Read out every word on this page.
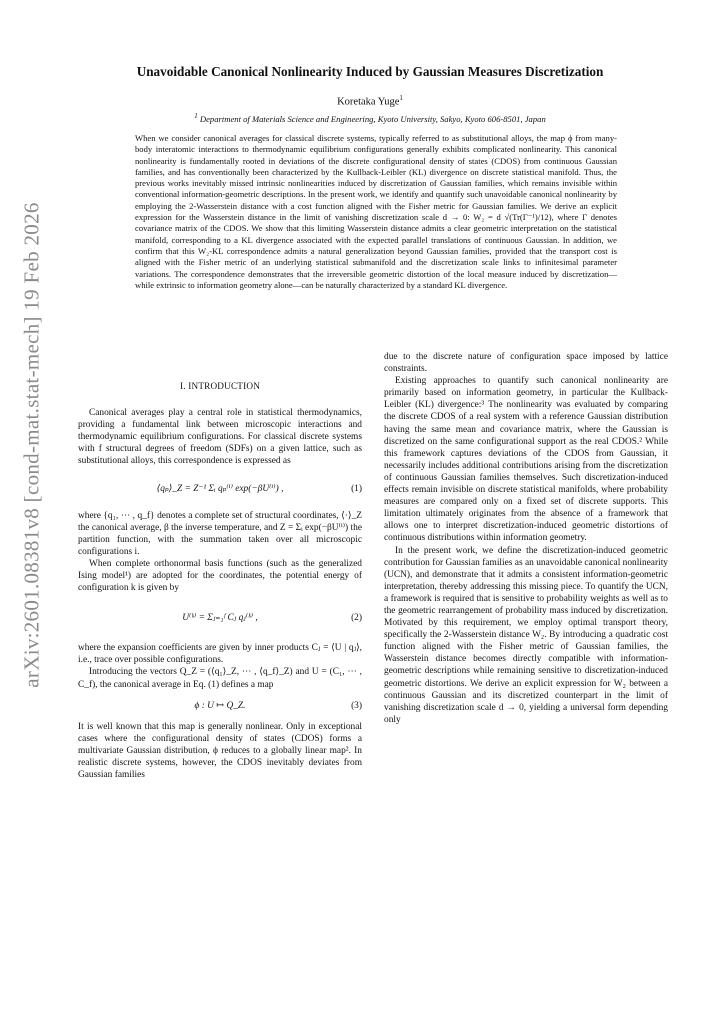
arXiv:2601.08381v8 [cond-mat.stat-mech] 19 Feb 2026
Unavoidable Canonical Nonlinearity Induced by Gaussian Measures Discretization
Koretaka Yuge$^1$
$^1$ Department of Materials Science and Engineering, Kyoto University, Sakyo, Kyoto 606-8501, Japan
When we consider canonical averages for classical discrete systems, typically referred to as substitutional alloys, the map ϕ from many-body interatomic interactions to thermodynamic equilibrium configurations generally exhibits complicated nonlinearity. This canonical nonlinearity is fundamentally rooted in deviations of the discrete configurational density of states (CDOS) from continuous Gaussian families, and has conventionally been characterized by the Kullback-Leibler (KL) divergence on discrete statistical manifold. Thus, the previous works inevitably missed intrinsic nonlinearities induced by discretization of Gaussian families, which remains invisible within conventional information-geometric descriptions. In the present work, we identify and quantify such unavoidable canonical nonlinearity by employing the 2-Wasserstein distance with a cost function aligned with the Fisher metric for Gaussian families. We derive an explicit expression for the Wasserstein distance in the limit of vanishing discretization scale d → 0: W₂ = d √(Tr(Γ⁻¹)/12), where Γ denotes covariance matrix of the CDOS. We show that this limiting Wasserstein distance admits a clear geometric interpretation on the statistical manifold, corresponding to a KL divergence associated with the expected parallel translations of continuous Gaussian. In addition, we confirm that this W₂-KL correspondence admits a natural generalization beyond Gaussian families, provided that the transport cost is aligned with the Fisher metric of an underlying statistical submanifold and the discretization scale links to infinitesimal parameter variations. The correspondence demonstrates that the irreversible geometric distortion of the local measure induced by discretization—while extrinsic to information geometry alone—can be naturally characterized by a standard KL divergence.
I. INTRODUCTION

Canonical averages play a central role in statistical thermodynamics, providing a fundamental link between microscopic interactions and thermodynamic equilibrium configurations. For classical discrete systems with f structural degrees of freedom (SDFs) on a given lattice, such as substitutional alloys, this correspondence is expressed as

⟨qₚ⟩_Z = Z⁻¹ Σᵢ qₚ⁽ⁱ⁾ exp(−βU⁽ⁱ⁾) ,	(1)

where {q₁, ⋯ , q_f} denotes a complete set of structural coordinates, ⟨·⟩_Z the canonical average, β the inverse temperature, and Z = Σᵢ exp(−βU⁽ⁱ⁾) the partition function, with the summation taken over all microscopic configurations i.

When complete orthonormal basis functions (such as the generalized Ising model¹) are adopted for the coordinates, the potential energy of configuration k is given by

U⁽ᵏ⁾ = Σⱼ₌₁ᶠ Cⱼ qⱼ⁽ᵏ⁾ ,	(2)

where the expansion coefficients are given by inner products Cⱼ = ⟨U | qⱼ⟩, i.e., trace over possible configurations.

Introducing the vectors Q_Z = (⟨q₁⟩_Z, ⋯ , ⟨q_f⟩_Z) and U = (C₁, ⋯ , C_f), the canonical average in Eq. (1) defines a map

ϕ : U ↦ Q_Z.	(3)

It is well known that this map is generally nonlinear. Only in exceptional cases where the configurational density of states (CDOS) forms a multivariate Gaussian distribution, ϕ reduces to a globally linear map². In realistic discrete systems, however, the CDOS inevitably deviates from Gaussian families

due to the discrete nature of configuration space imposed by lattice constraints.

Existing approaches to quantify such canonical nonlinearity are primarily based on information geometry, in particular the Kullback-Leibler (KL) divergence:³ The nonlinearity was evaluated by comparing the discrete CDOS of a real system with a reference Gaussian distribution having the same mean and covariance matrix, where the Gaussian is discretized on the same configurational support as the real CDOS.² While this framework captures deviations of the CDOS from Gaussian, it necessarily includes additional contributions arising from the discretization of continuous Gaussian families themselves. Such discretization-induced effects remain invisible on discrete statistical manifolds, where probability measures are compared only on a fixed set of discrete supports. This limitation ultimately originates from the absence of a framework that allows one to interpret discretization-induced geometric distortions of continuous distributions within information geometry.

In the present work, we define the discretization-induced geometric contribution for Gaussian families as an unavoidable canonical nonlinearity (UCN), and demonstrate that it admits a consistent information-geometric interpretation, thereby addressing this missing piece. To quantify the UCN, a framework is required that is sensitive to probability weights as well as to the geometric rearrangement of probability mass induced by discretization. Motivated by this requirement, we employ optimal transport theory, specifically the 2-Wasserstein distance W₂. By introducing a quadratic cost function aligned with the Fisher metric of Gaussian families, the Wasserstein distance becomes directly compatible with information-geometric descriptions while remaining sensitive to discretization-induced geometric distortions. We derive an explicit expression for W₂ between a continuous Gaussian and its discretized counterpart in the limit of vanishing discretization scale d → 0, yielding a universal form depending only
